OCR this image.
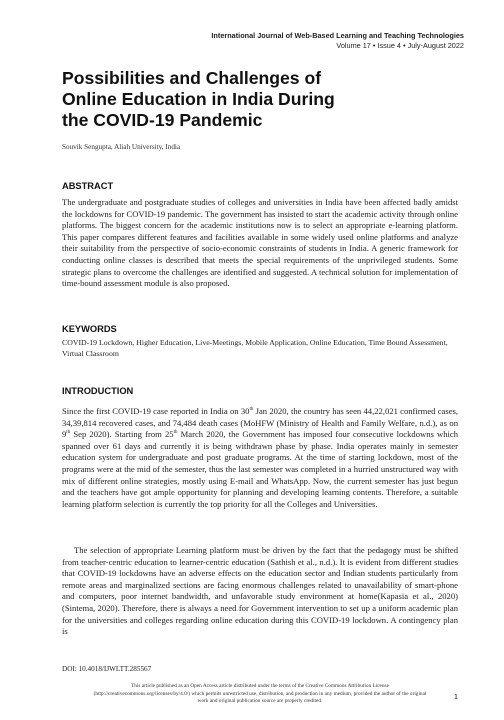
International Journal of Web-Based Learning and Teaching Technologies
Volume 17 • Issue 4 • July-August 2022
Possibilities and Challenges of
Online Education in India During
the COVID-19 Pandemic
Souvik Sengupta, Aliah University, India
ABSTRACT

The undergraduate and postgraduate studies of colleges and universities in India have been affected badly amidst the lockdowns for COVID-19 pandemic. The government has insisted to start the academic activity through online platforms. The biggest concern for the academic institutions now is to select an appropriate e-learning platform. This paper compares different features and facilities available in some widely used online platforms and analyze their suitability from the perspective of socio-economic constraints of students in India. A generic framework for conducting online classes is described that meets the special requirements of the unprivileged students. Some strategic plans to overcome the challenges are identified and suggested. A technical solution for implementation of time-bound assessment module is also proposed.

KEYWORDS

COVID-19 Lockdown, Higher Education, Live-Meetings, Mobile Application, Online Education, Time Bound Assessment, Virtual Classroom

INTRODUCTION

Since the first COVID-19 case reported in India on 30th Jan 2020, the country has seen 44,22,021 confirmed cases, 34,39,814 recovered cases, and 74,484 death cases (MoHFW (Ministry of Health and Family Welfare, n.d.), as on 9th Sep 2020). Starting from 25th March 2020, the Government has imposed four consecutive lockdowns which spanned over 61 days and currently it is being withdrawn phase by phase. India operates mainly in semester education system for undergraduate and post graduate programs. At the time of starting lockdown, most of the programs were at the mid of the semester, thus the last semester was completed in a hurried unstructured way with mix of different online strategies, mostly using E-mail and WhatsApp. Now, the current semester has just begun and the teachers have got ample opportunity for planning and developing learning contents. Therefore, a suitable learning platform selection is currently the top priority for all the Colleges and Universities.

The selection of appropriate Learning platform must be driven by the fact that the pedagogy must be shifted from teacher-centric education to learner-centric education (Sathish et al., n.d.). It is evident from different studies that COVID-19 lockdowns have an adverse effects on the education sector and Indian students particularly from remote areas and marginalized sections are facing enormous challenges related to unavailability of smart-phone and computers, poor internet bandwidth, and unfavorable study environment at home(Kapasia et al., 2020)(Sintema, 2020). Therefore, there is always a need for Government intervention to set up a uniform academic plan for the universities and colleges regarding online education during this COVID-19 lockdown. A contingency plan is

DOI: 10.4018/IJWLTT.285567
This article published as an Open Access article distributed under the terms of the Creative Commons Attribution License (http://creativecommons.org/licenses/by/4.0/) which permits unrestricted use, distribution, and production in any medium, provided the author of the original work and original publication source are properly credited.	1
